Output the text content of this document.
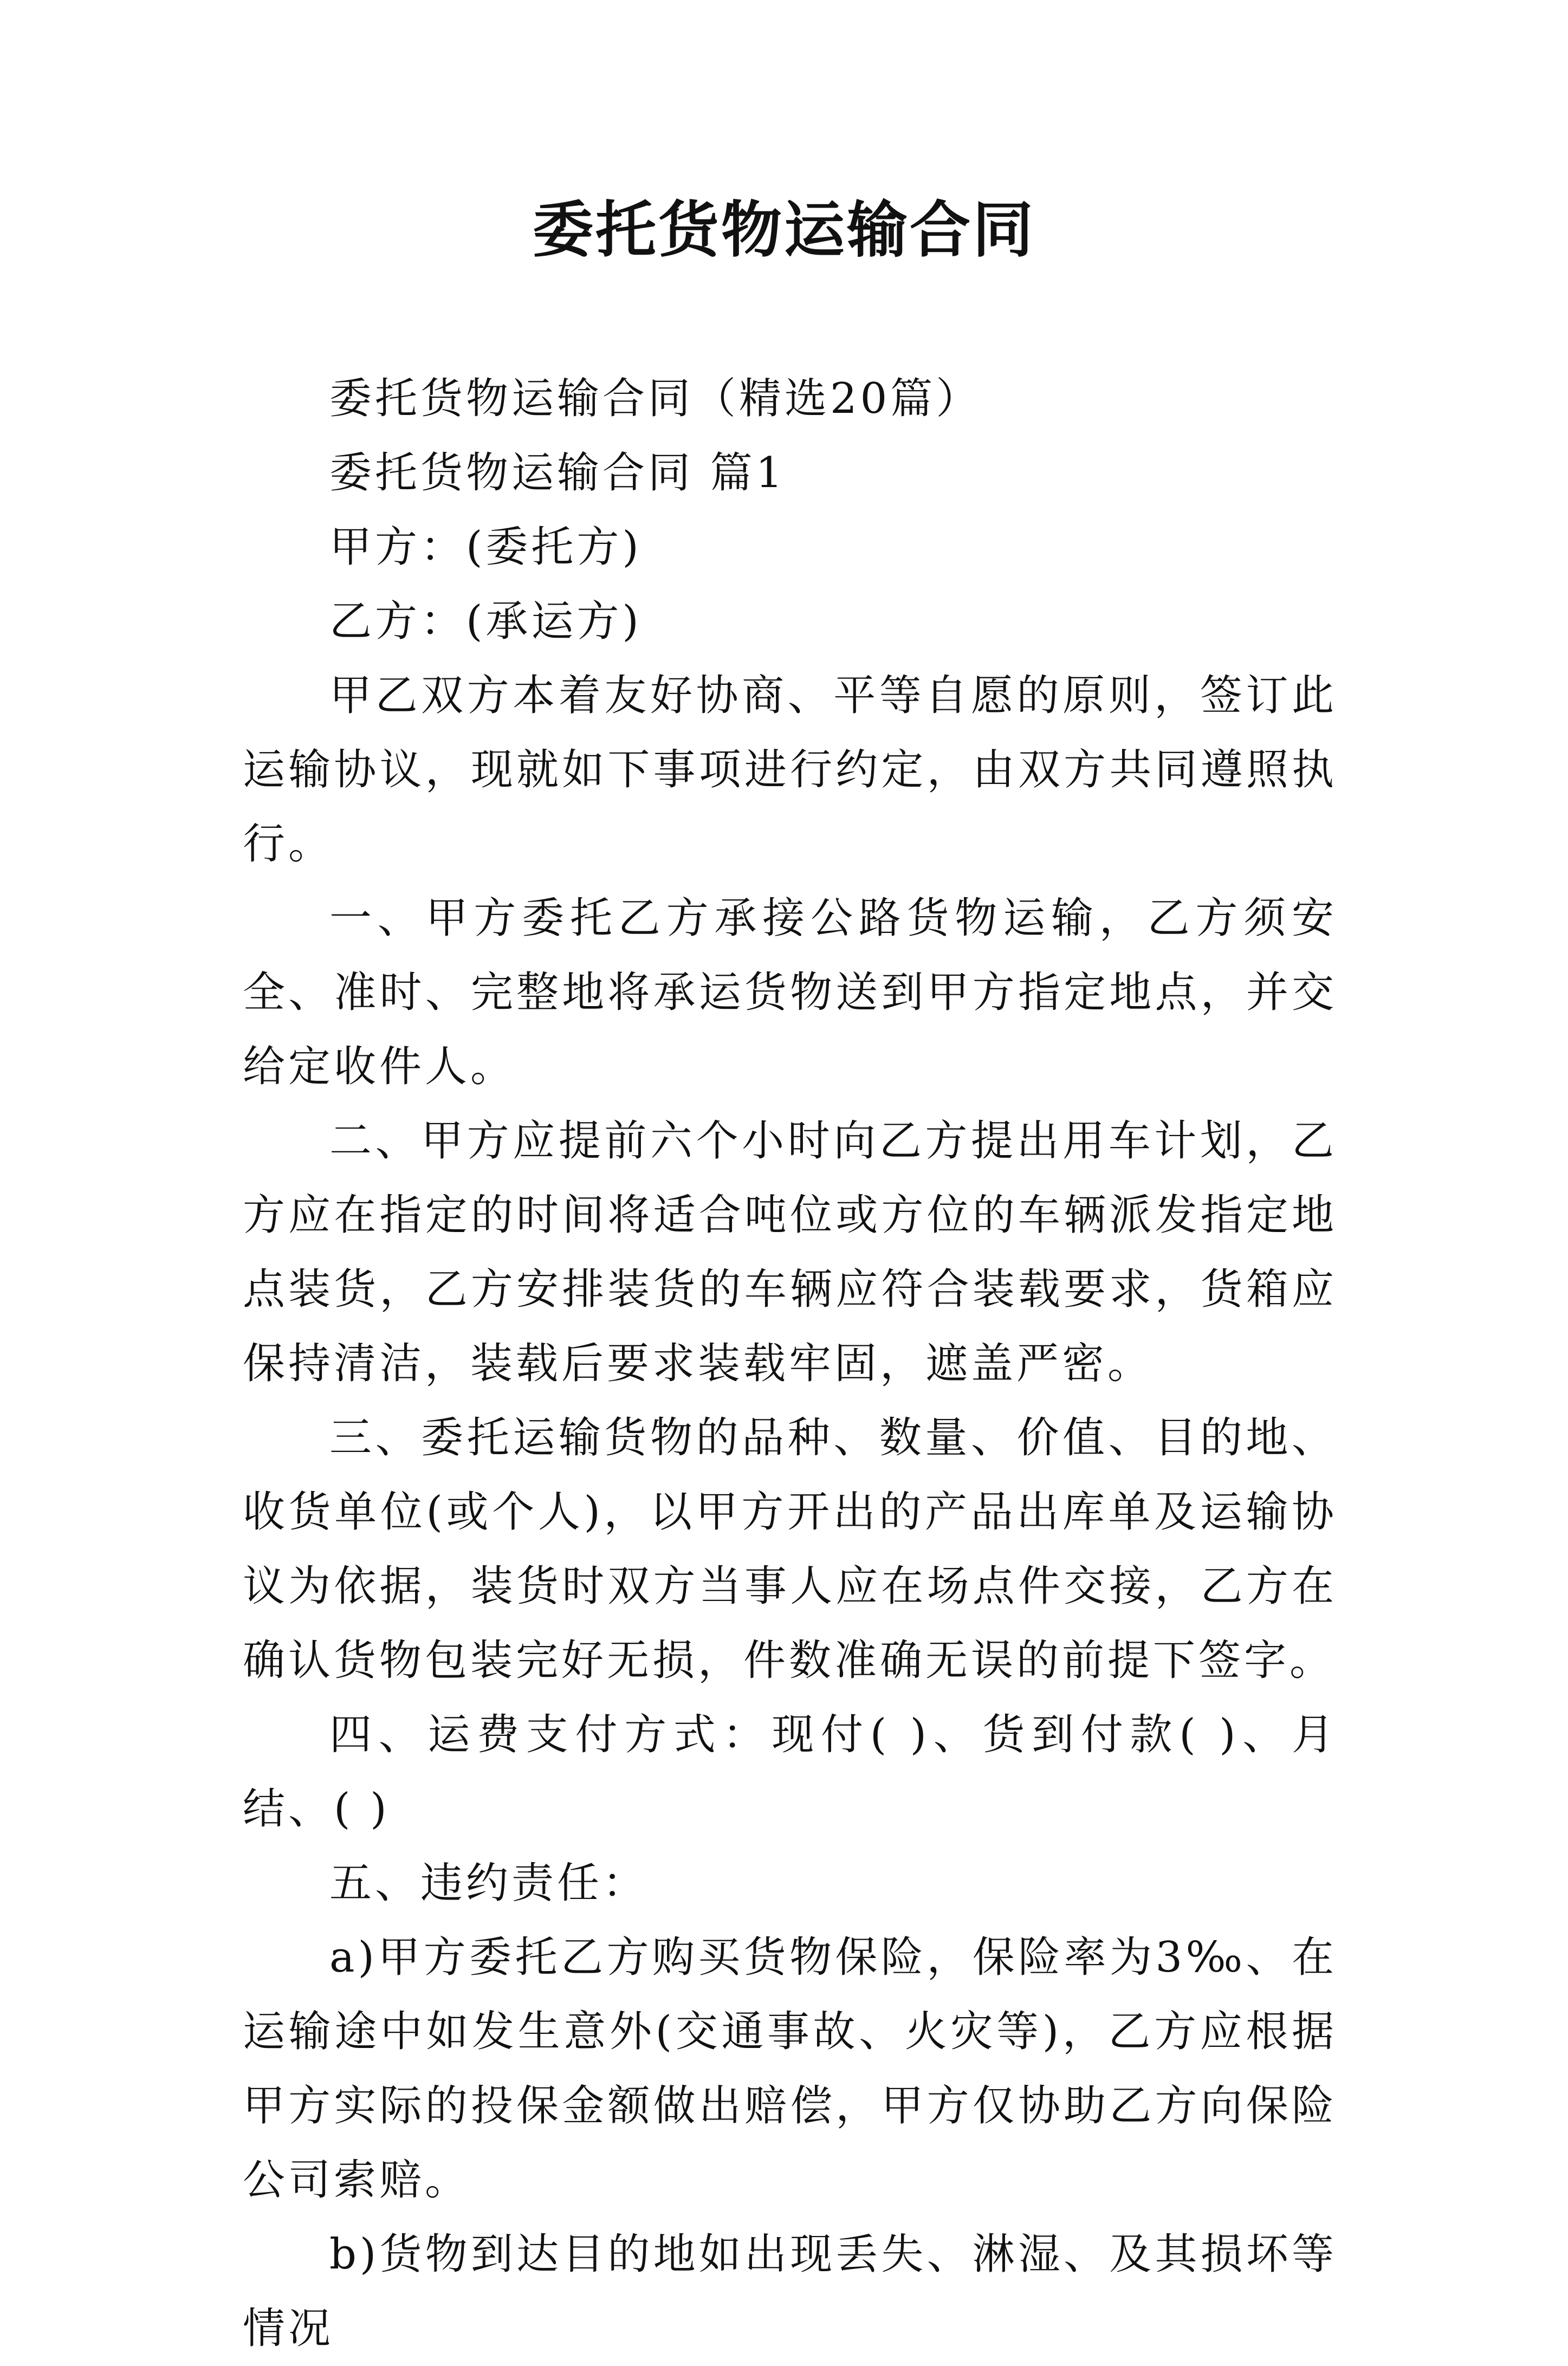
委托货物运输合同

委托货物运输合同（精选20篇）

委托货物运输合同 篇1

甲方：(委托方)

乙方：(承运方)

甲乙双方本着友好协商、平等自愿的原则，签订此运输协议，现就如下事项进行约定，由双方共同遵照执行。

一、甲方委托乙方承接公路货物运输，乙方须安全、准时、完整地将承运货物送到甲方指定地点，并交给定收件人。

二、甲方应提前六个小时向乙方提出用车计划，乙方应在指定的时间将适合吨位或方位的车辆派发指定地点装货，乙方安排装货的车辆应符合装载要求，货箱应保持清洁，装载后要求装载牢固，遮盖严密。

三、委托运输货物的品种、数量、价值、目的地、收货单位(或个人)，以甲方开出的产品出库单及运输协议为依据，装货时双方当事人应在场点件交接，乙方在确认货物包装完好无损，件数准确无误的前提下签字。

四、运费支付方式：现付( )、货到付款( )、月结、( )

五、违约责任：

a)甲方委托乙方购买货物保险，保险率为3‰、在运输途中如发生意外(交通事故、火灾等)，乙方应根据甲方实际的投保金额做出赔偿，甲方仅协助乙方向保险公司索赔。

b)货物到达目的地如出现丢失、淋湿、及其损坏等情况
